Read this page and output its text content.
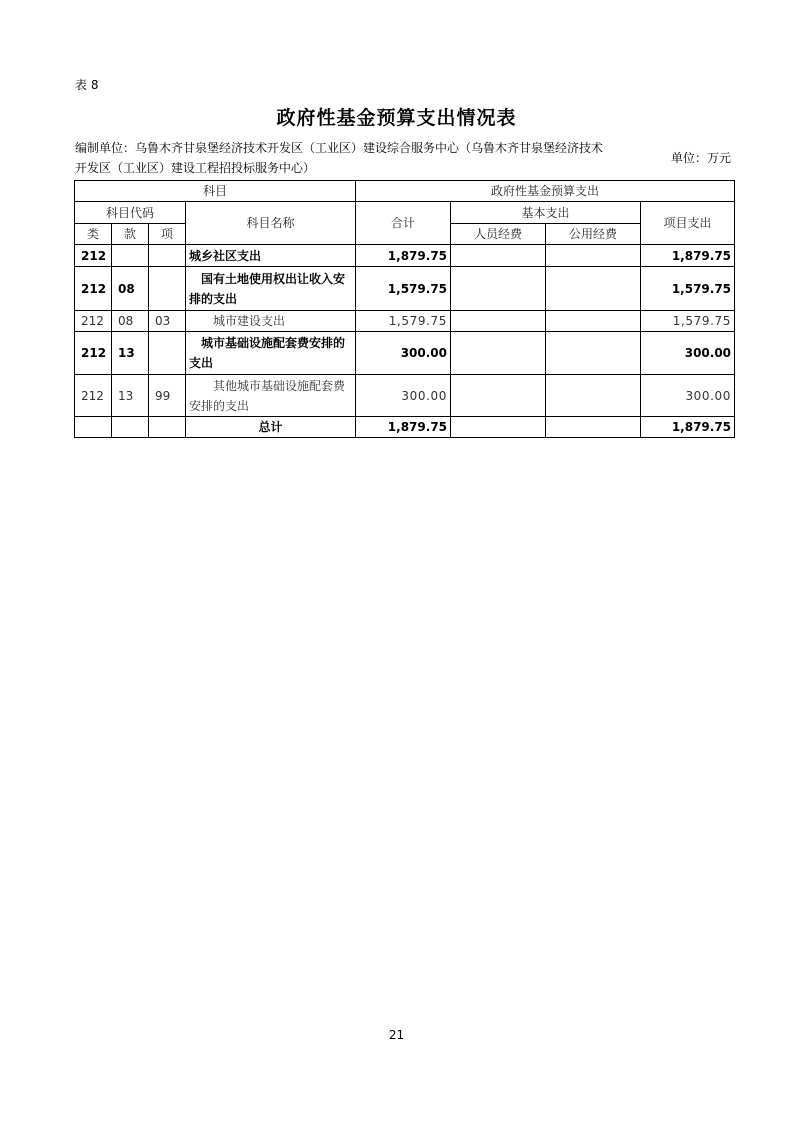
表 8
政府性基金预算支出情况表
编制单位：乌鲁木齐甘泉堡经济技术开发区（工业区）建设综合服务中心（乌鲁木齐甘泉堡经济技术
开发区（工业区）建设工程招投标服务中心）
单位：万元
科目				政府性基金预算支出			
科目代码			科目名称	合计	基本支出		项目支出
类	款	项			人员经费	公用经费	
212			城乡社区支出	1,879.75			1,879.75
212	08		国有土地使用权出让收入安排的支出	1,579.75			1,579.75
212	08	03	城市建设支出	1,579.75			1,579.75
212	13		城市基础设施配套费安排的支出	300.00			300.00
212	13	99	其他城市基础设施配套费安排的支出	300.00			300.00
			总计	1,879.75			1,879.75
21
